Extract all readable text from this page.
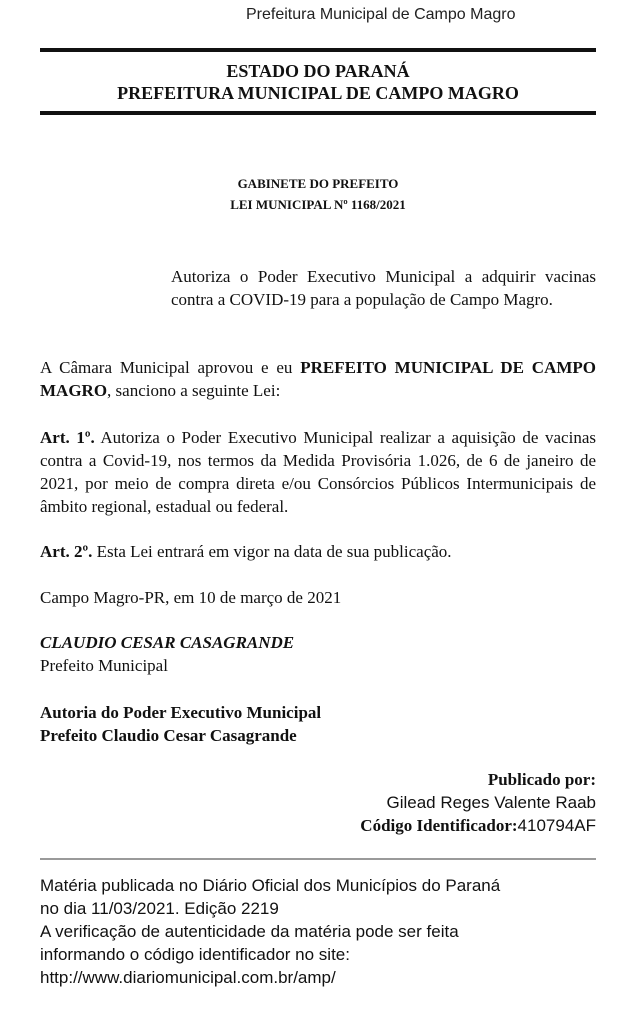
Prefeitura Municipal de Campo Magro
ESTADO DO PARANÁ
PREFEITURA MUNICIPAL DE CAMPO MAGRO
GABINETE DO PREFEITO
LEI MUNICIPAL Nº 1168/2021
Autoriza o Poder Executivo Municipal a adquirir vacinas contra a COVID-19 para a população de Campo Magro.
A Câmara Municipal aprovou e eu PREFEITO MUNICIPAL DE CAMPO MAGRO, sanciono a seguinte Lei:
Art. 1º. Autoriza o Poder Executivo Municipal realizar a aquisição de vacinas contra a Covid-19, nos termos da Medida Provisória 1.026, de 6 de janeiro de 2021, por meio de compra direta e/ou Consórcios Públicos Intermunicipais de âmbito regional, estadual ou federal.
Art. 2º. Esta Lei entrará em vigor na data de sua publicação.
Campo Magro-PR, em 10 de março de 2021
CLAUDIO CESAR CASAGRANDE
Prefeito Municipal
Autoria do Poder Executivo Municipal
Prefeito Claudio Cesar Casagrande
Publicado por:
Gilead Reges Valente Raab
Código Identificador:410794AF
Matéria publicada no Diário Oficial dos Municípios do Paraná
no dia 11/03/2021. Edição 2219
A verificação de autenticidade da matéria pode ser feita
informando o código identificador no site:
http://www.diariomunicipal.com.br/amp/
